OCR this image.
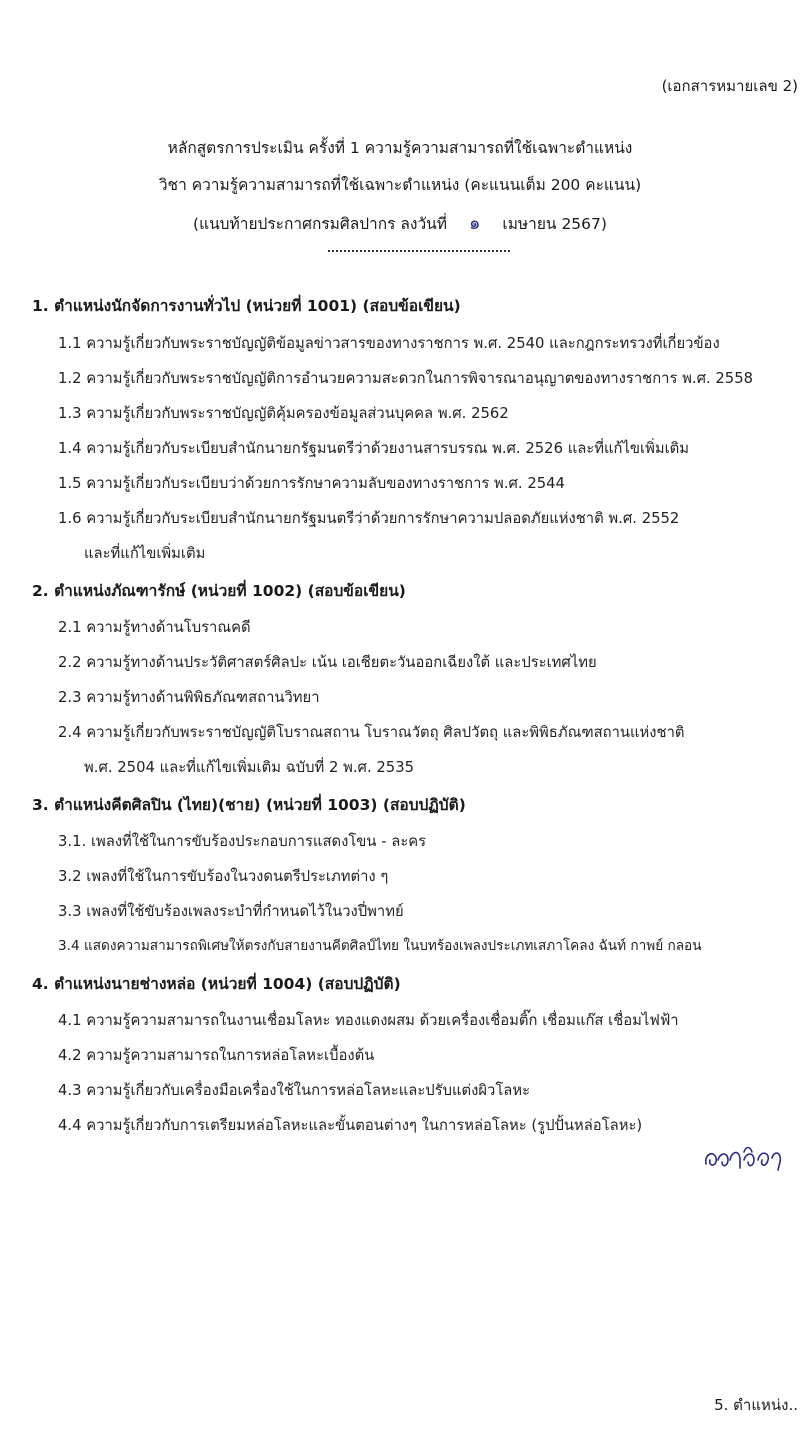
(เอกสารหมายเลข 2)
หลักสูตรการประเมิน ครั้งที่ 1 ความรู้ความสามารถที่ใช้เฉพาะตำแหน่ง
วิชา ความรู้ความสามารถที่ใช้เฉพาะตำแหน่ง (คะแนนเต็ม 200 คะแนน)
(แนบท้ายประกาศกรมศิลปากร ลงวันที่ ๑ เมษายน 2567)
1. ตำแหน่งนักจัดการงานทั่วไป (หน่วยที่ 1001) (สอบข้อเขียน)
1.1 ความรู้เกี่ยวกับพระราชบัญญัติข้อมูลข่าวสารของทางราชการ พ.ศ. 2540 และกฎกระทรวงที่เกี่ยวข้อง
1.2 ความรู้เกี่ยวกับพระราชบัญญัติการอำนวยความสะดวกในการพิจารณาอนุญาตของทางราชการ พ.ศ. 2558
1.3 ความรู้เกี่ยวกับพระราชบัญญัติคุ้มครองข้อมูลส่วนบุคคล พ.ศ. 2562
1.4 ความรู้เกี่ยวกับระเบียบสำนักนายกรัฐมนตรีว่าด้วยงานสารบรรณ พ.ศ. 2526 และที่แก้ไขเพิ่มเติม
1.5 ความรู้เกี่ยวกับระเบียบว่าด้วยการรักษาความลับของทางราชการ พ.ศ. 2544
1.6 ความรู้เกี่ยวกับระเบียบสำนักนายกรัฐมนตรีว่าด้วยการรักษาความปลอดภัยแห่งชาติ พ.ศ. 2552
และที่แก้ไขเพิ่มเติม
2. ตำแหน่งภัณฑารักษ์ (หน่วยที่ 1002) (สอบข้อเขียน)
2.1 ความรู้ทางด้านโบราณคดี
2.2 ความรู้ทางด้านประวัติศาสตร์ศิลปะ เน้น เอเชียตะวันออกเฉียงใต้ และประเทศไทย
2.3 ความรู้ทางด้านพิพิธภัณฑสถานวิทยา
2.4 ความรู้เกี่ยวกับพระราชบัญญัติโบราณสถาน โบราณวัตถุ ศิลปวัตถุ และพิพิธภัณฑสถานแห่งชาติ
พ.ศ. 2504 และที่แก้ไขเพิ่มเติม ฉบับที่ 2 พ.ศ. 2535
3. ตำแหน่งคีตศิลปิน (ไทย)(ชาย) (หน่วยที่ 1003) (สอบปฏิบัติ)
3.1. เพลงที่ใช้ในการขับร้องประกอบการแสดงโขน - ละคร
3.2 เพลงที่ใช้ในการขับร้องในวงดนตรีประเภทต่าง ๆ
3.3 เพลงที่ใช้ขับร้องเพลงระบำที่กำหนดไว้ในวงปี่พาทย์
3.4 แสดงความสามารถพิเศษให้ตรงกับสายงานคีตศิลป์ไทย ในบทร้องเพลงประเภทเสภาโคลง ฉันท์ กาพย์ กลอน
4. ตำแหน่งนายช่างหล่อ (หน่วยที่ 1004) (สอบปฏิบัติ)
4.1 ความรู้ความสามารถในงานเชื่อมโลหะ ทองแดงผสม ด้วยเครื่องเชื่อมติ๊ก เชื่อมแก๊ส เชื่อมไฟฟ้า
4.2 ความรู้ความสามารถในการหล่อโลหะเบื้องต้น
4.3 ความรู้เกี่ยวกับเครื่องมือเครื่องใช้ในการหล่อโลหะและปรับแต่งผิวโลหะ
4.4 ความรู้เกี่ยวกับการเตรียมหล่อโลหะและขั้นตอนต่างๆ ในการหล่อโลหะ (รูปปั้นหล่อโลหะ)
5. ตำแหน่ง..
